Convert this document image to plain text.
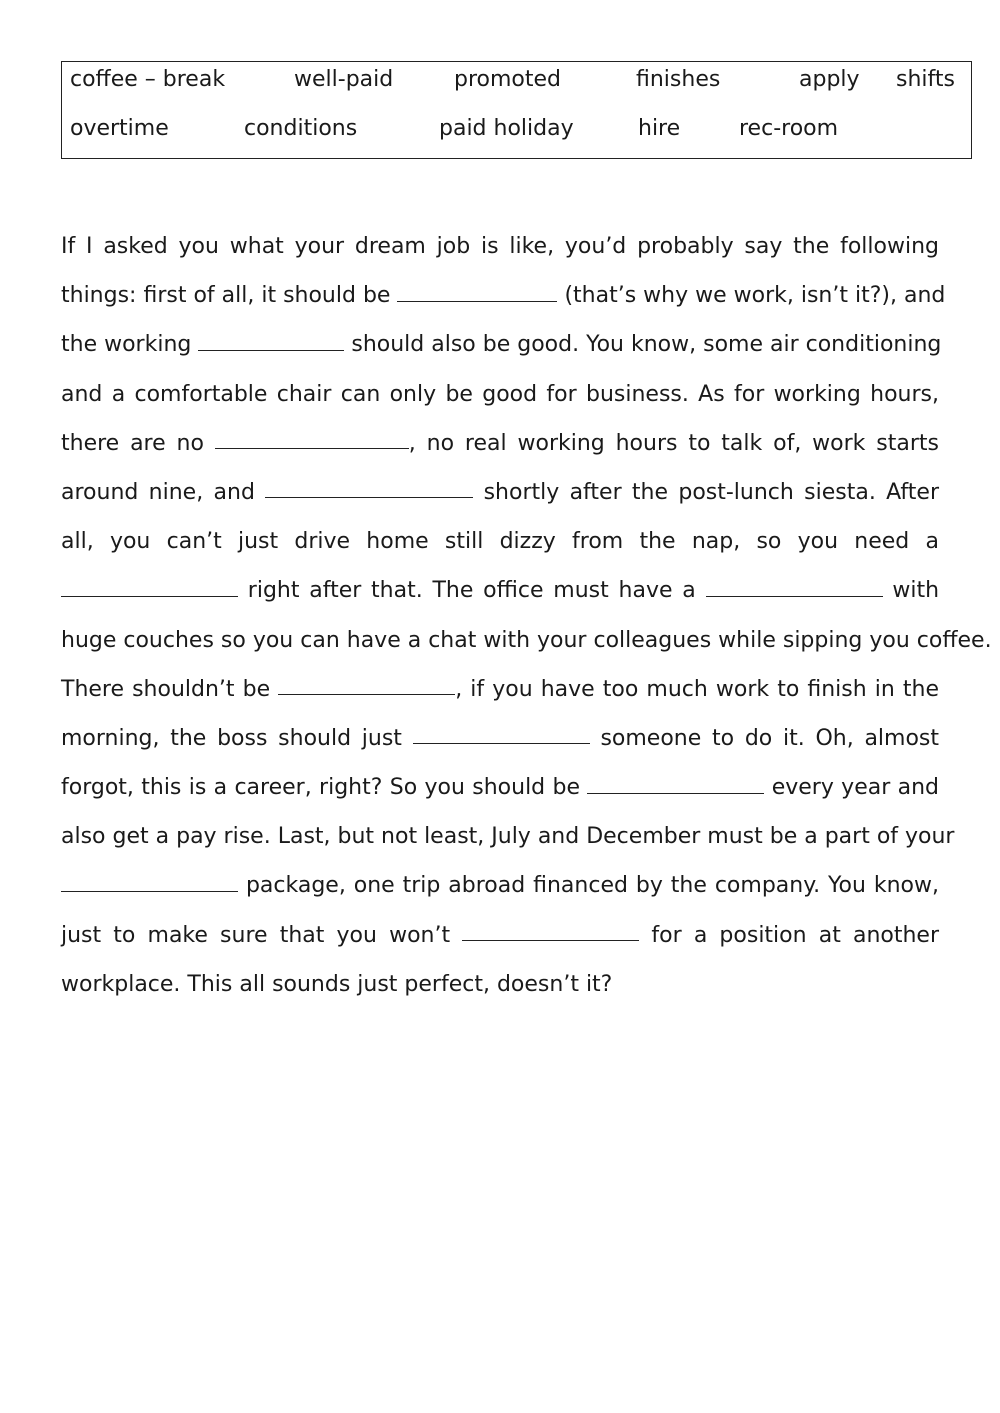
coffee – break	well-paid	promoted	finishes	apply shifts
overtime	conditions	paid holiday	hire	rec-room
If I asked you what your dream job is like, you’d probably say the following
things: first of all, it should be	(that’s why we work, isn’t it?), and
the working	should also be good. You know, some air conditioning
and a comfortable chair can only be good for business. As for working hours,
there are no	, no real working hours to talk of, work starts
around nine, and	shortly after the post-lunch siesta. After
all, you can’t just drive home still dizzy from the nap, so you need a
right after that. The office must have a	with
huge couches so you can have a chat with your colleagues while sipping you coffee.
There shouldn’t be	, if you have too much work to finish in the
morning, the boss should just	someone to do it. Oh, almost
forgot, this is a career, right? So you should be	every year and
also get a pay rise. Last, but not least, July and December must be a part of your
package, one trip abroad financed by the company. You know,
just to make sure that you won’t	for a position at another
workplace. This all sounds just perfect, doesn’t it?
